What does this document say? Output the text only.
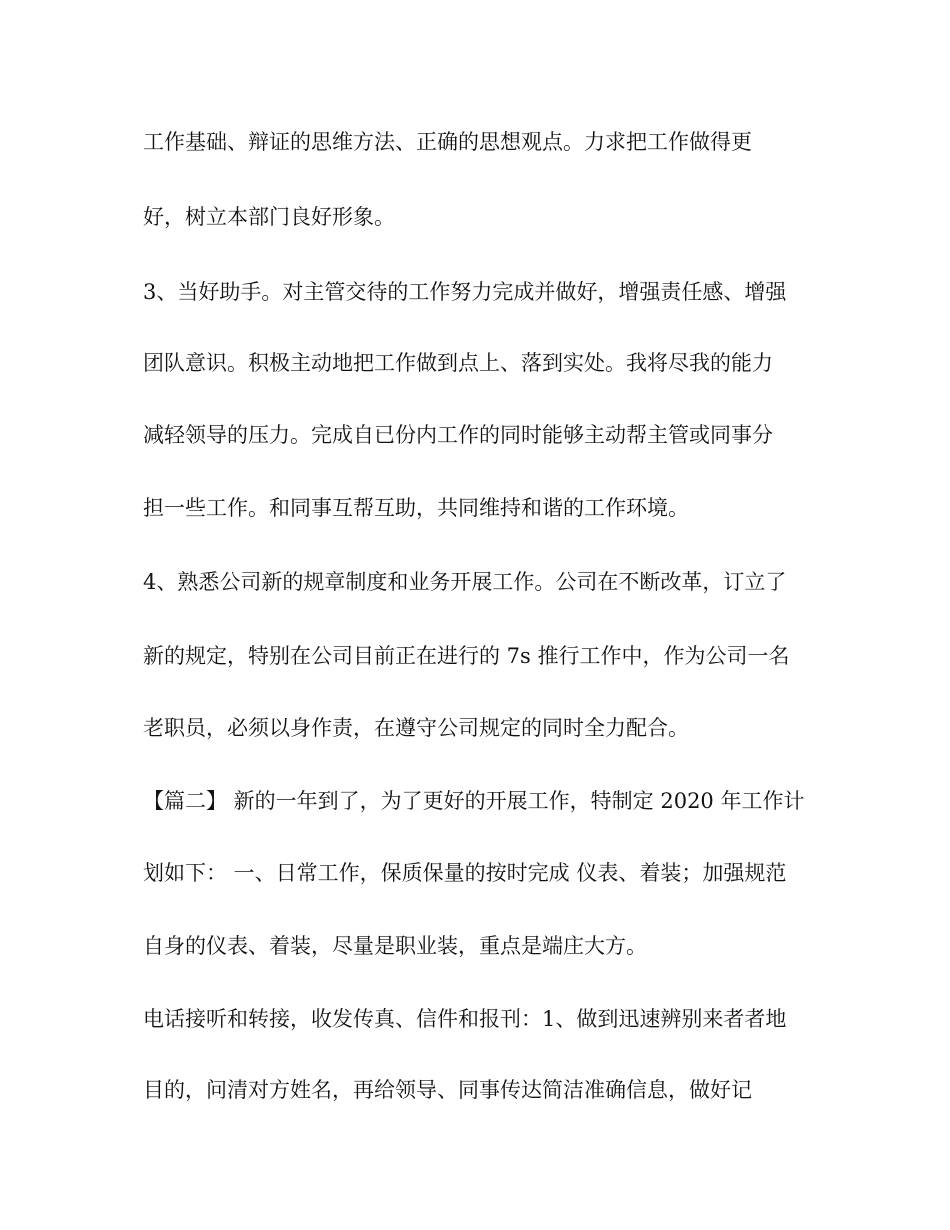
工作基础、辩证的思维方法、正确的思想观点。力求把工作做得更

好，树立本部门良好形象。

3、当好助手。对主管交待的工作努力完成并做好，增强责任感、增强

团队意识。积极主动地把工作做到点上、落到实处。我将尽我的能力

减轻领导的压力。完成自已份内工作的同时能够主动帮主管或同事分

担一些工作。和同事互帮互助，共同维持和谐的工作环境。

4、熟悉公司新的规章制度和业务开展工作。公司在不断改革，订立了

新的规定，特别在公司目前正在进行的 7s 推行工作中，作为公司一名

老职员，必须以身作责，在遵守公司规定的同时全力配合。

【篇二】 新的一年到了，为了更好的开展工作，特制定 2020 年工作计

划如下： 一、日常工作，保质保量的按时完成 仪表、着装；加强规范

自身的仪表、着装，尽量是职业装，重点是端庄大方。

电话接听和转接，收发传真、信件和报刊：1、做到迅速辨别来者者地

目的，问清对方姓名，再给领导、同事传达简洁准确信息，做好记
